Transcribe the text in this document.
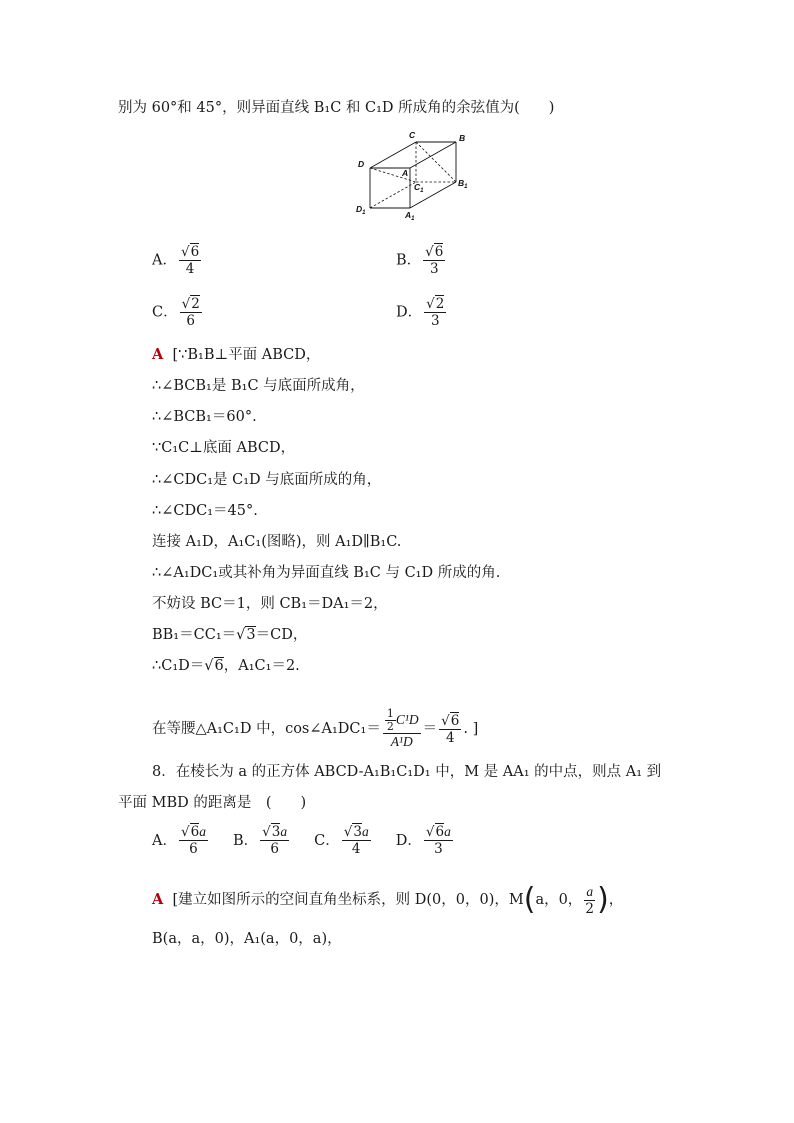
别为 60°和 45°，则异面直线 B₁C 和 C₁D 所成角的余弦值为(　　)
C	B
D
A
$C_1$
$B_1$
$D_1$	$A_1$
A． $\frac{√6}{4}$	B． $\frac{√6}{3}$
C． $\frac{√2}{6}$	D． $\frac{√2}{3}$
A [∵B₁B⊥平面 ABCD，
∴∠BCB₁是 B₁C 与底面所成角，
∴∠BCB₁＝60°.
∵C₁C⊥底面 ABCD，
∴∠CDC₁是 C₁D 与底面所成的角，
∴∠CDC₁＝45°.
连接 A₁D，A₁C₁(图略)，则 A₁D∥B₁C.
∴∠A₁DC₁或其补角为异面直线 B₁C 与 C₁D 所成的角.
不妨设 BC＝1，则 CB₁＝DA₁＝2，
BB₁＝CC₁＝√3＝CD，
∴C₁D＝√6，A₁C₁＝2.
在等腰△A₁C₁D 中，cos∠A₁DC₁＝ $\frac{\frac{1}{2} C^1D}{\text{A¹D}} = \frac{√6}{4}$ . ]
8．在棱长为 a 的正方体 ABCD-A₁B₁C₁D₁ 中，M 是 AA₁ 的中点，则点 A₁ 到
平面 MBD 的距离是　(　　)
A． $\frac{√6a}{6}$ B． $\frac{√3a}{6}$ C． $\frac{√3a}{4}$ D． $\frac{√6a}{3}$
A [建立如图所示的空间直角坐标系，则 D(0，0，0)，M(a，0， $\frac{a}{2}$ )，
B(a，a，0)，A₁(a，0，a)，
